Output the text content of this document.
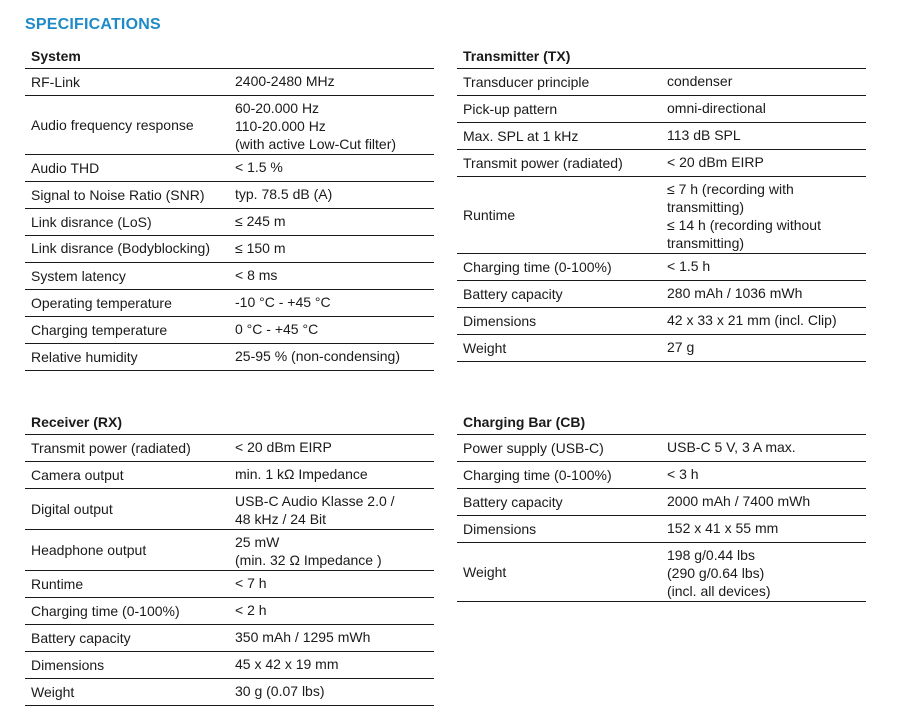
SPECIFICATIONS
System	
RF-Link	2400-2480 MHz

Audio frequency response	60-20.000 Hz
110-20.000 Hz
(with active Low-Cut filter)

Audio THD	< 1.5 %

Signal to Noise Ratio (SNR)	typ. 78.5 dB (A)

Link disrance (LoS)	≤ 245 m

Link disrance (Bodyblocking)	≤ 150 m

System latency	< 8 ms

Operating temperature	-10 °C - +45 °C

Charging temperature	0 °C - +45 °C

Relative humidity	25-95 % (non-condensing)
Transmitter (TX)	
Transducer principle	condenser

Pick-up pattern	omni-directional

Max. SPL at 1 kHz	113 dB SPL

Transmit power (radiated)	< 20 dBm EIRP

Runtime	≤ 7 h (recording with
transmitting)
≤ 14 h (recording without
transmitting)

Charging time (0-100%)	< 1.5 h

Battery capacity	280 mAh / 1036 mWh

Dimensions	42 x 33 x 21 mm (incl. Clip)

Weight	27 g
Receiver (RX)	
Transmit power (radiated)	< 20 dBm EIRP

Camera output	min. 1 kΩ Impedance

Digital output	USB-C Audio Klasse 2.0 /
48 kHz / 24 Bit

Headphone output	25 mW
(min. 32 Ω Impedance )

Runtime	< 7 h

Charging time (0-100%)	< 2 h

Battery capacity	350 mAh / 1295 mWh

Dimensions	45 x 42 x 19 mm

Weight	30 g (0.07 lbs)
Charging Bar (CB)	
Power supply (USB-C)	USB-C 5 V, 3 A max.

Charging time (0-100%)	< 3 h

Battery capacity	2000 mAh / 7400 mWh

Dimensions	152 x 41 x 55 mm

Weight	198 g/0.44 lbs
(290 g/0.64 lbs)
(incl. all devices)
